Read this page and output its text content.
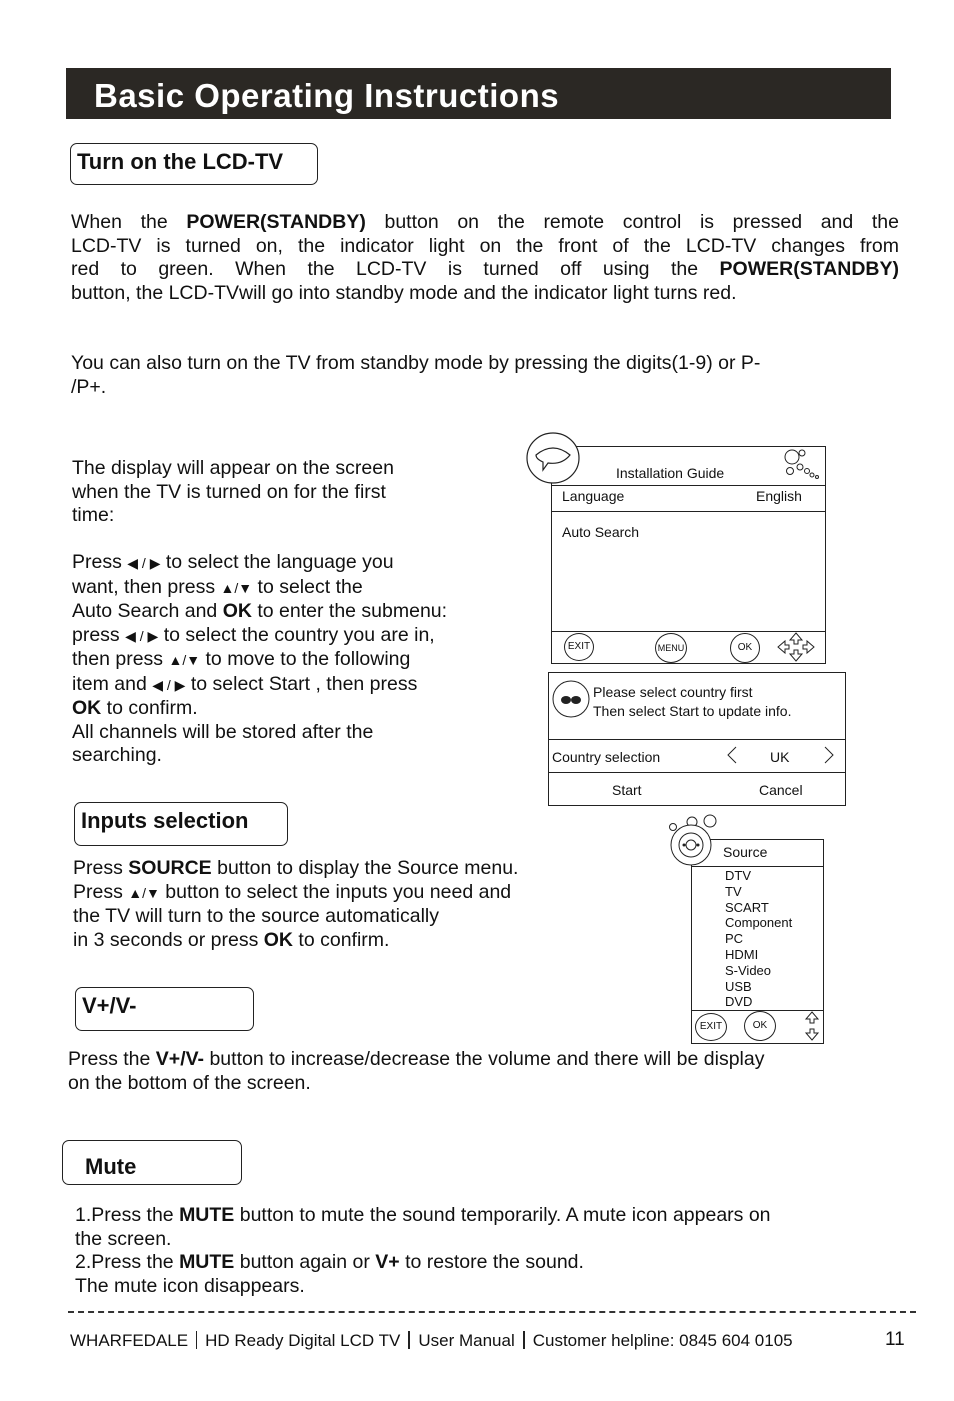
Basic Operating Instructions
Turn on the LCD-TV

When the POWER(STANDBY) button on the remote control is pressed and the

LCD-TV is turned on, the indicator light on the front of the LCD-TV changes from

red to green. When the LCD-TV is turned off using the POWER(STANDBY)

button, the LCD-TVwill go into standby mode and the indicator light turns red.

You can also turn on the TV from standby mode by pressing the digits(1-9) or P-

/P+.

The display will appear on the screen

when the TV is turned on for the first

time:

Press ◀ / ▶ to select the language you

want, then press ▲/▼ to select the

Auto Search and OK to enter the submenu:

press ◀ / ▶ to select the country you are in,

then press ▲/▼ to move to the following

item and ◀ / ▶ to select Start , then press

OK to confirm.

All channels will be stored after the

searching.

Installation Guide
Language	English
Auto Search
EXIT	MENU	OK
Please select country first
Then select Start to update info.
Country selection	UK
Start	Cancel
Inputs selection

Press SOURCE button to display the Source menu.

Press ▲/▼ button to select the inputs you need and

the TV will turn to the source automatically

in 3 seconds or press OK to confirm.

Source
DTV
TV
SCART
Component
PC
HDMI
S-Video
USB
DVD
EXIT	OK
V+/V-

Press the V+/V- button to increase/decrease the volume and there will be display

on the bottom of the screen.

Mute

1.Press the MUTE button to mute the sound temporarily. A mute icon appears on

the screen.

2.Press the MUTE button again or V+ to restore the sound.

The mute icon disappears.

WHARFEDALE HD Ready Digital LCD TV User Manual Customer helpline: 0845 604 0105	11
